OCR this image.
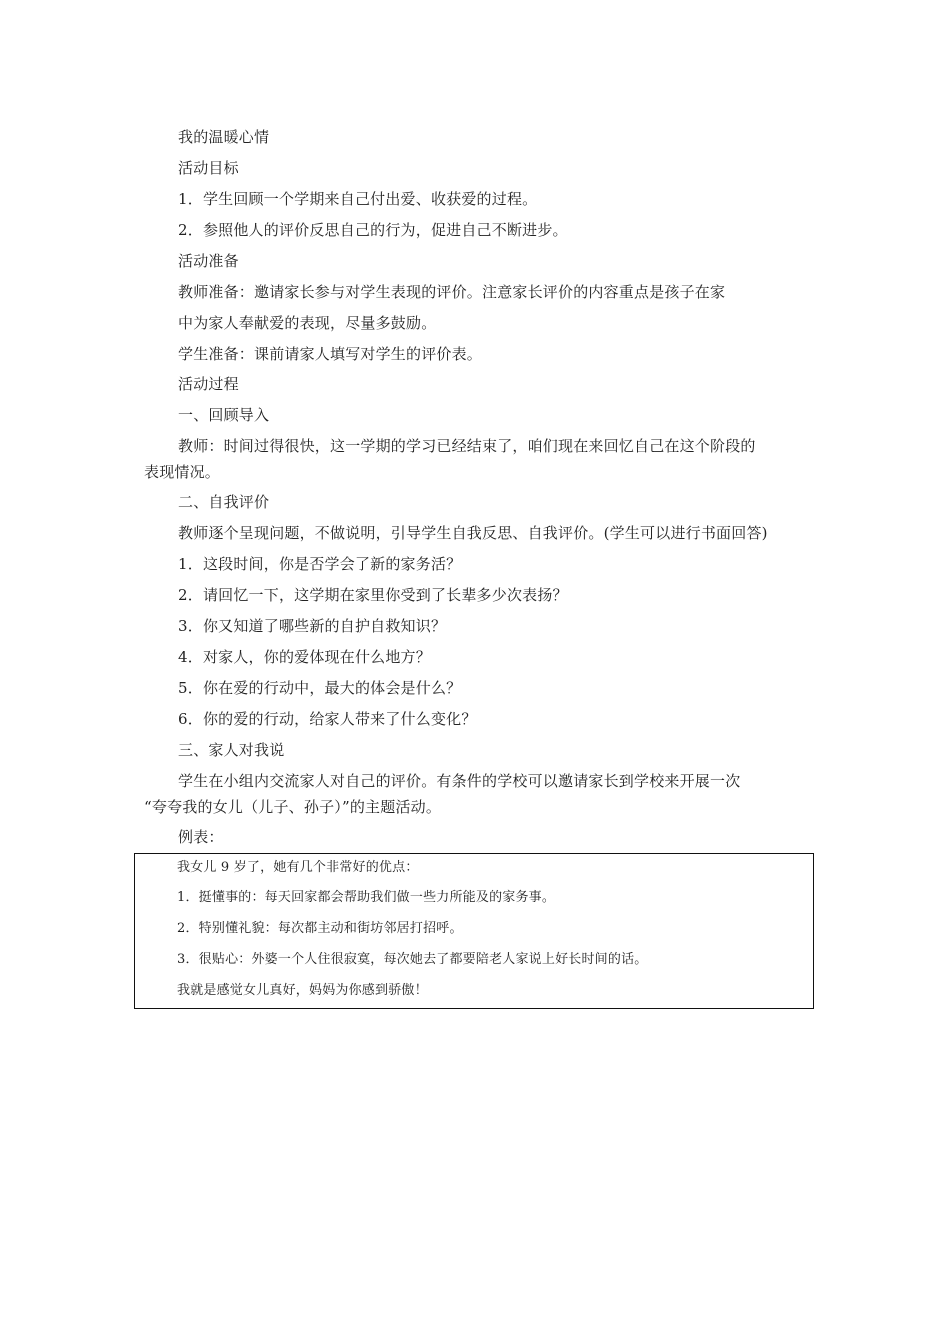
我的温暖心情
活动目标
1．学生回顾一个学期来自己付出爱、收获爱的过程。
2．参照他人的评价反思自己的行为，促进自己不断进步。
活动准备
教师准备：邀请家长参与对学生表现的评价。注意家长评价的内容重点是孩子在家
中为家人奉献爱的表现，尽量多鼓励。
学生准备：课前请家人填写对学生的评价表。
活动过程
一、回顾导入
教师：时间过得很快，这一学期的学习已经结束了，咱们现在来回忆自己在这个阶段的
表现情况。
二、自我评价
教师逐个呈现问题，不做说明，引导学生自我反思、自我评价。(学生可以进行书面回答)
1．这段时间，你是否学会了新的家务活？
2．请回忆一下，这学期在家里你受到了长辈多少次表扬？
3．你又知道了哪些新的自护自救知识？
4．对家人，你的爱体现在什么地方？
5．你在爱的行动中，最大的体会是什么？
6．你的爱的行动，给家人带来了什么变化？
三、家人对我说
学生在小组内交流家人对自己的评价。有条件的学校可以邀请家长到学校来开展一次
“夸夸我的女儿（儿子、孙子）”的主题活动。
例表：
我女儿 9 岁了，她有几个非常好的优点：
1．挺懂事的：每天回家都会帮助我们做一些力所能及的家务事。
2．特别懂礼貌：每次都主动和街坊邻居打招呼。
3．很贴心：外婆一个人住很寂寞，每次她去了都要陪老人家说上好长时间的话。
我就是感觉女儿真好，妈妈为你感到骄傲！
